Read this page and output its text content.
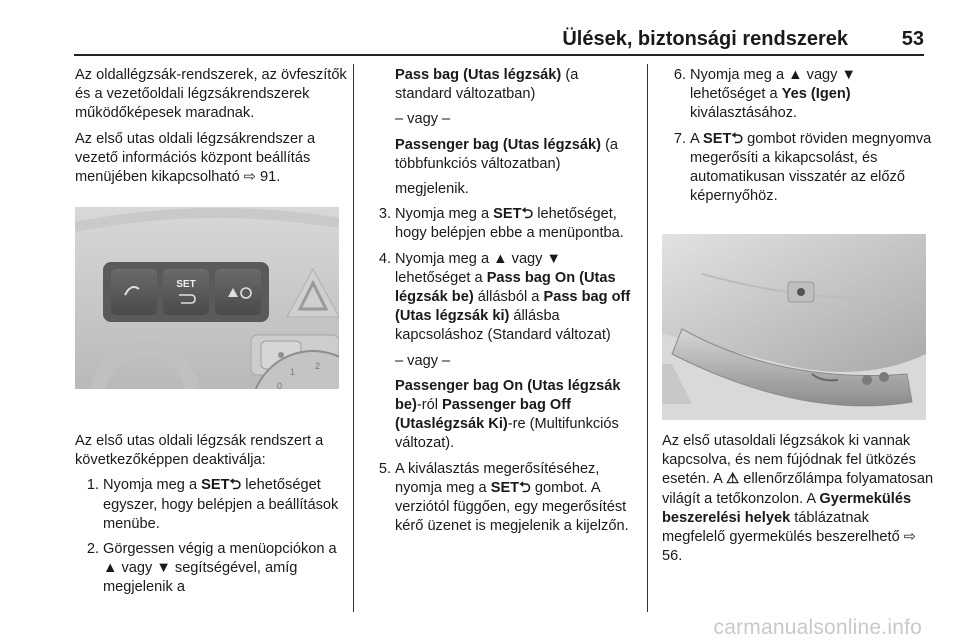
Ülések, biztonsági rendszerek	53

Az oldallégzsák-rendszerek, az övfeszítők és a vezetőoldali légzsákrendszerek működőképesek maradnak.

Az első utas oldali légzsákrendszer a vezető információs központ beállítás menüjében kikapcsolható ⇨ 91.

SET
1
2
0

Az első utas oldali légzsák rendszert a következőképpen deaktiválja:

1. Nyomja meg a SET⮌ lehetőséget egyszer, hogy belépjen a beállítások menübe.
2. Görgessen végig a menüopciókon a ▲ vagy ▼ segítségével, amíg megjelenik a

Pass bag (Utas légzsák) (a standard változatban)

– vagy –

Passenger bag (Utas légzsák) (a többfunkciós változatban)

megjelenik.

3. Nyomja meg a SET⮌ lehetőséget, hogy belépjen ebbe a menüpontba.
4. Nyomja meg a ▲ vagy ▼ lehetőséget a Pass bag On (Utas légzsák be) állásból a Pass bag off (Utas légzsák ki) állásba kapcsoláshoz (Standard változat)
– vagy –
Passenger bag On (Utas légzsák be)-ról Passenger bag Off (Utaslégzsák Ki)-re (Multifunkciós változat).
5. A kiválasztás megerősítéséhez, nyomja meg a SET⮌ gombot. A verziótól függően, egy megerősítést kérő üzenet is megjelenik a kijelzőn.
6. Nyomja meg a ▲ vagy ▼ lehetőséget a Yes (Igen) kiválasztásához.
7. A SET⮌ gombot röviden megnyomva megerősíti a kikapcsolást, és automatikusan visszatér az előző képernyőhöz.

Az első utasoldali légzsákok ki vannak kapcsolva, és nem fújódnak fel ütközés esetén. A ⚠ ellenőrzőlámpa folyamatosan világít a tetőkonzolon. A Gyermekülés beszerelési helyek táblázatnak megfelelő gyermekülés beszerelhető ⇨ 56.

carmanualsonline.info
